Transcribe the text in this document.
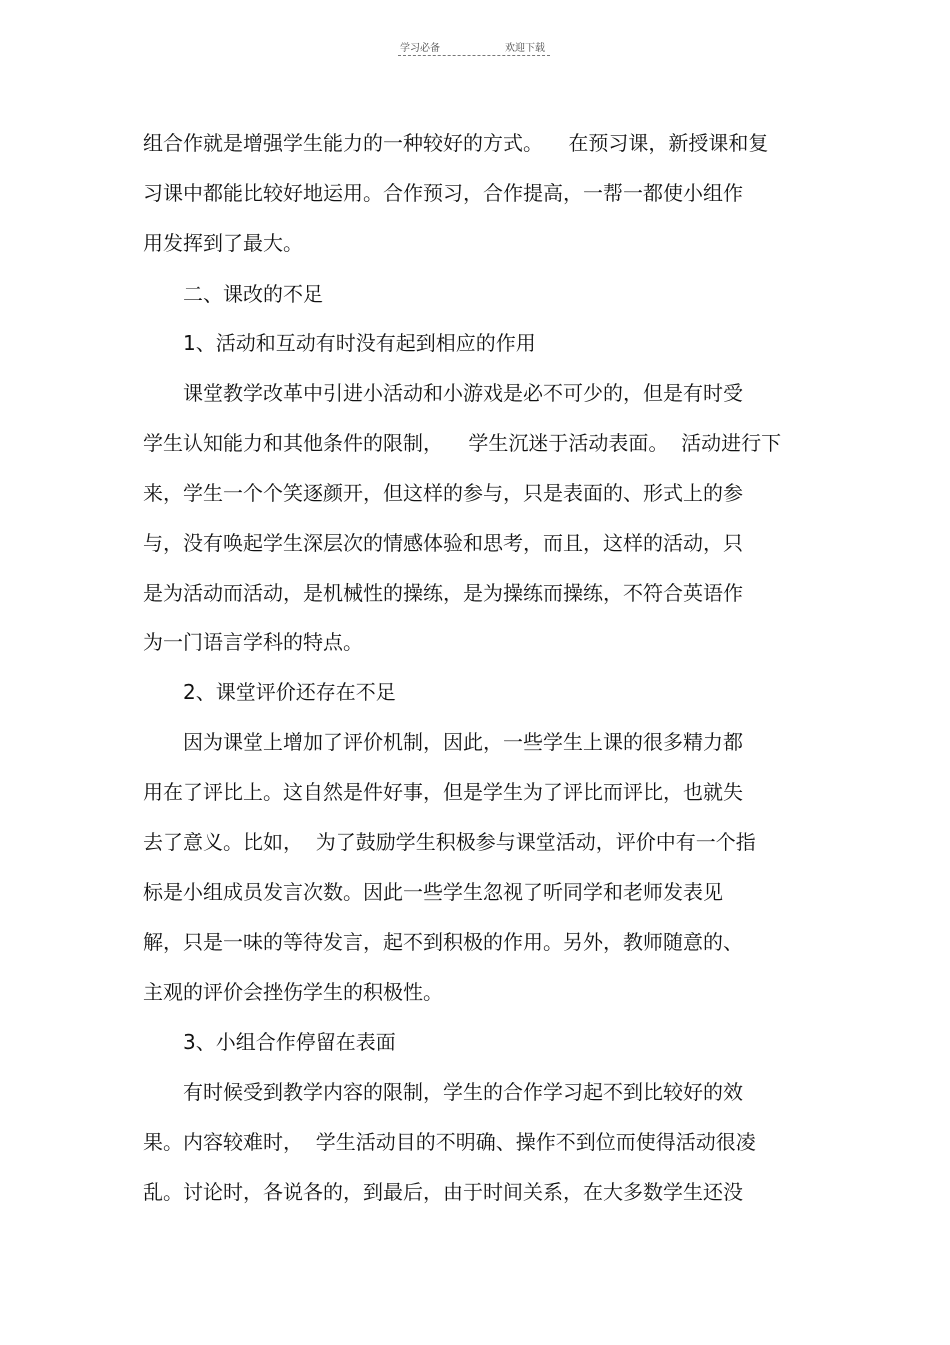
学习必备	欢迎下载
组合作就是增强学生能力的一种较好的方式。    在预习课，新授课和复
习课中都能比较好地运用。合作预习，合作提高，一帮一都使小组作
用发挥到了最大。
二、课改的不足
1、活动和互动有时没有起到相应的作用
课堂教学改革中引进小活动和小游戏是必不可少的，但是有时受
学生认知能力和其他条件的限制，    学生沉迷于活动表面。  活动进行下
来，学生一个个笑逐颜开，但这样的参与，只是表面的、形式上的参
与，没有唤起学生深层次的情感体验和思考，而且，这样的活动，只
是为活动而活动，是机械性的操练，是为操练而操练，不符合英语作
为一门语言学科的特点。
2、课堂评价还存在不足
因为课堂上增加了评价机制，因此，一些学生上课的很多精力都
用在了评比上。这自然是件好事，但是学生为了评比而评比，也就失
去了意义。比如，  为了鼓励学生积极参与课堂活动，评价中有一个指
标是小组成员发言次数。因此一些学生忽视了听同学和老师发表见
解，只是一味的等待发言，起不到积极的作用。另外，教师随意的、
主观的评价会挫伤学生的积极性。
3、小组合作停留在表面
有时候受到教学内容的限制，学生的合作学习起不到比较好的效
果。内容较难时，  学生活动目的不明确、操作不到位而使得活动很凌
乱。讨论时，各说各的，到最后，由于时间关系，在大多数学生还没
